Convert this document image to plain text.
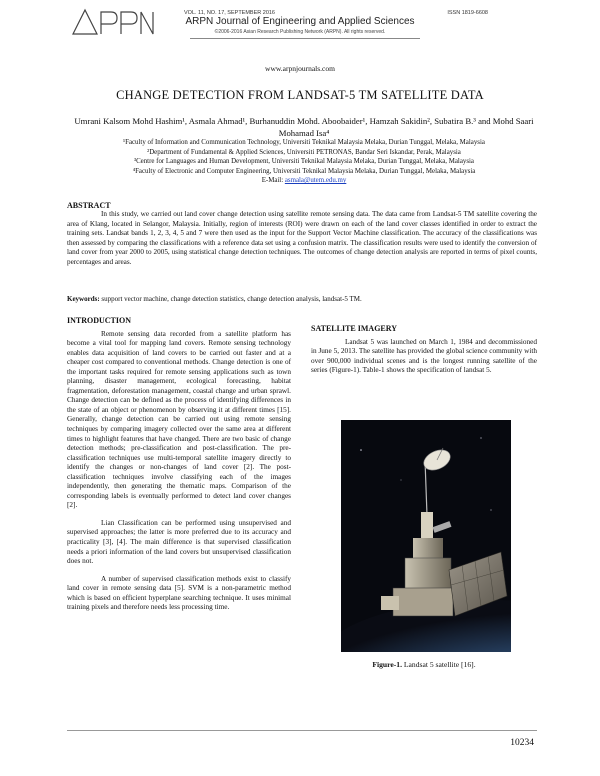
VOL. 11, NO. 17, SEPTEMBER 2016	ISSN 1819-6608
ARPN Journal of Engineering and Applied Sciences
©2006-2016 Asian Research Publishing Network (ARPN). All rights reserved.
www.arpnjournals.com
CHANGE DETECTION FROM LANDSAT-5 TM SATELLITE DATA
Umrani Kalsom Mohd Hashim¹, Asmala Ahmad¹, Burhanuddin Mohd. Aboobaider¹, Hamzah Sakidin², Subatira B.³ and Mohd Saari Mohamad Isa⁴
¹Faculty of Information and Communication Technology, Universiti Teknikal Malaysia Melaka, Durian Tunggal, Melaka, Malaysia
²Department of Fundamental & Applied Sciences, Universiti PETRONAS, Bandar Seri Iskandar, Perak, Malaysia
³Centre for Languages and Human Development, Universiti Teknikal Malaysia Melaka, Durian Tunggal, Melaka, Malaysia
⁴Faculty of Electronic and Computer Engineering, Universiti Teknikal Malaysia Melaka, Durian Tunggal, Melaka, Malaysia
E-Mail: asmala@utem.edu.my
ABSTRACT
In this study, we carried out land cover change detection using satellite remote sensing data. The data came from Landsat-5 TM satellite covering the area of Klang, located in Selangor, Malaysia. Initially, region of interests (ROI) were drawn on each of the land cover classes identified in order to extract the training sets. Landsat bands 1, 2, 3, 4, 5 and 7 were then used as the input for the Support Vector Machine classification. The accuracy of the classifications was then assessed by comparing the classifications with a reference data set using a confusion matrix. The classification results were used to identify the conversion of land cover from year 2000 to 2005, using statistical change detection techniques. The outcomes of change detection analysis are reported in terms of pixel counts, percentages and areas.
Keywords: support vector machine, change detection statistics, change detection analysis, landsat-5 TM.
INTRODUCTION

Remote sensing data recorded from a satellite platform has become a vital tool for mapping land covers. Remote sensing technology enables data acquisition of land covers to be carried out faster and at a cheaper cost compared to conventional methods. Change detection is one of the important tasks required for remote sensing applications such as town planning, disaster management, ecological forecasting, habitat fragmentation, deforestation management, coastal change and urban sprawl. Change detection can be defined as the process of identifying differences in the state of an object or phenomenon by observing it at different times [15]. Generally, change detection can be carried out using remote sensing techniques by comparing imagery collected over the same area at different times to highlight features that have changed. There are two basic of change detection methods; pre-classification and post-classification. The pre-classification techniques use multi-temporal satellite imagery directly to identify the changes or non-changes of land cover [2]. The post-classification techniques involve classifying each of the images independently, then generating the thematic maps. Comparison of the corresponding labels is eventually performed to detect land cover changes [2].

Lian Classification can be performed using unsupervised and supervised approaches; the latter is more preferred due to its accuracy and practicality [3], [4]. The main difference is that supervised classification needs a priori information of the land covers but unsupervised classification does not.

A number of supervised classification methods exist to classify land cover in remote sensing data [5]. SVM is a non-parametric method which is based on efficient hyperplane searching technique. It uses minimal training pixels and therefore needs less processing time.

SATELLITE IMAGERY

Landsat 5 was launched on March 1, 1984 and decommissioned in June 5, 2013. The satellite has provided the global science community with over 900,000 individual scenes and is the longest running satellite of the series (Figure-1). Table-1 shows the specification of landsat 5.

Figure-1. Landsat 5 satellite [16].
10234
